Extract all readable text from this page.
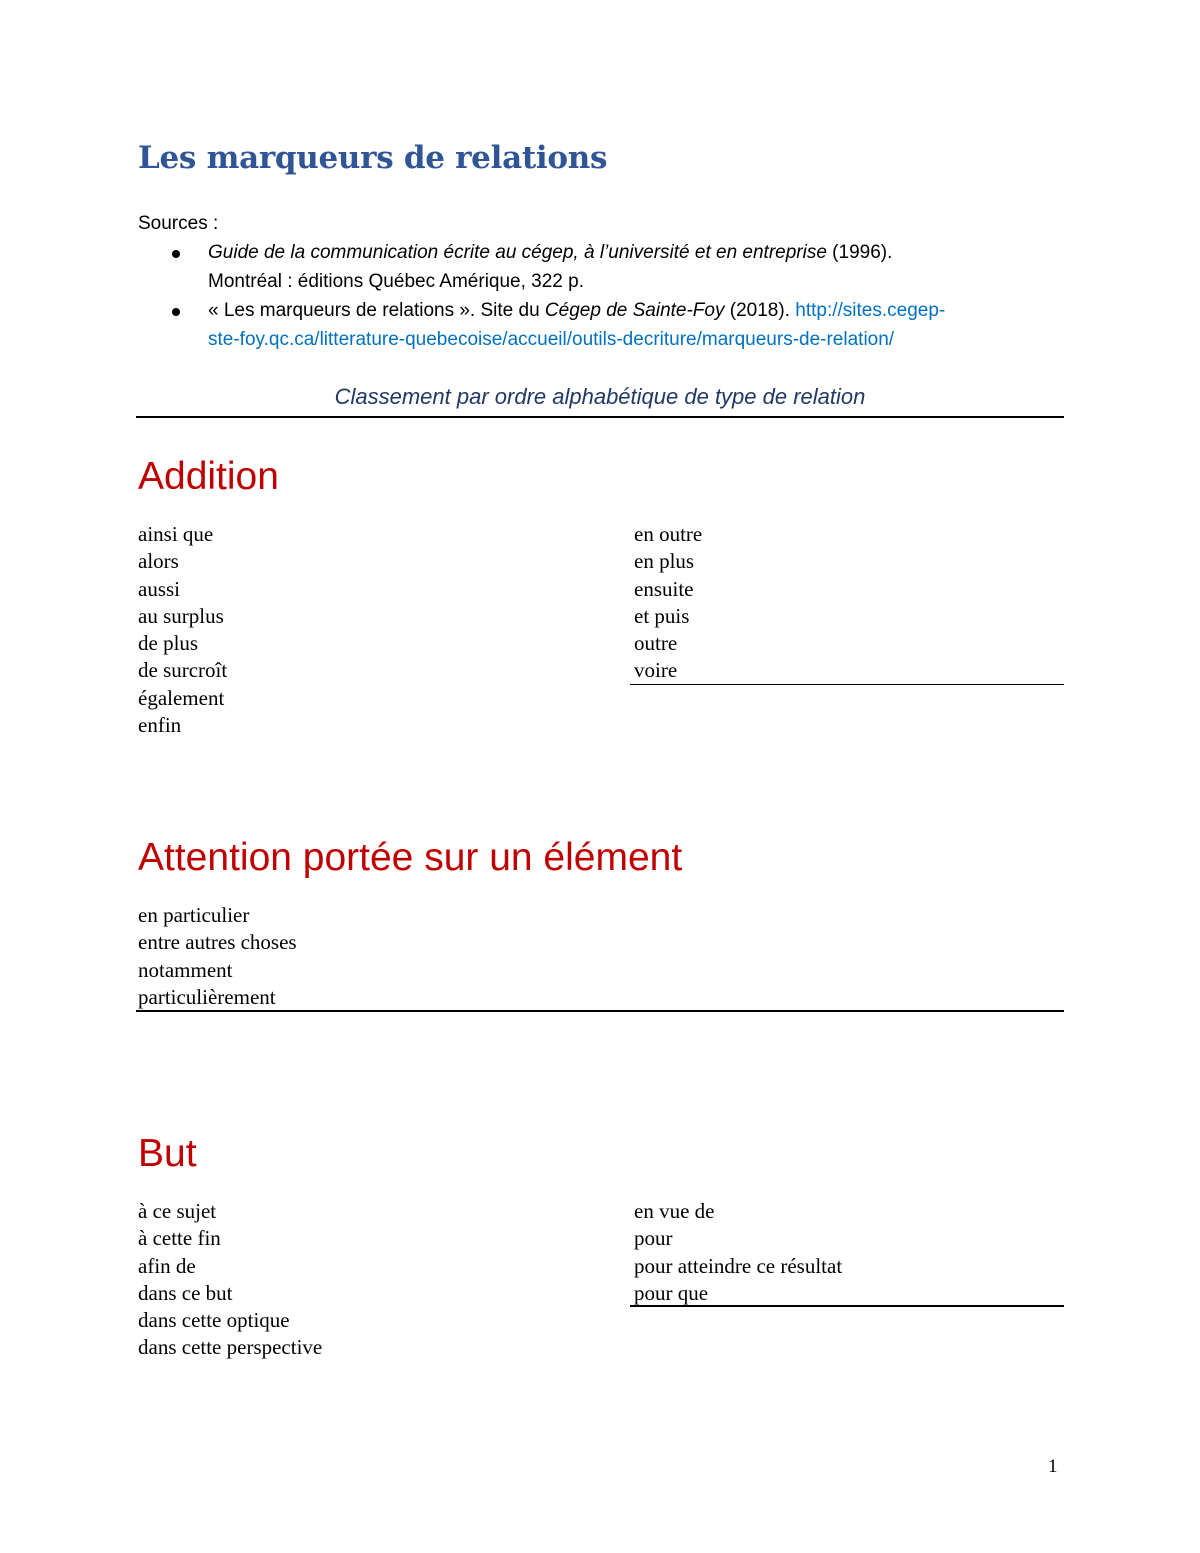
Les marqueurs de relations
Sources :
Guide de la communication écrite au cégep, à l’université et en entreprise (1996).
Montréal : éditions Québec Amérique, 322 p.
« Les marqueurs de relations ». Site du Cégep de Sainte-Foy (2018). http://sites.cegep-
ste-foy.qc.ca/litterature-quebecoise/accueil/outils-decriture/marqueurs-de-relation/
Classement par ordre alphabétique de type de relation
Addition
ainsi que
alors
aussi
au surplus
de plus
de surcroît
également
enfin
en outre
en plus
ensuite
et puis
outre
voire
Attention portée sur un élément
en particulier
entre autres choses
notamment
particulièrement
But
à ce sujet
à cette fin
afin de
dans ce but
dans cette optique
dans cette perspective
en vue de
pour
pour atteindre ce résultat
pour que
1
